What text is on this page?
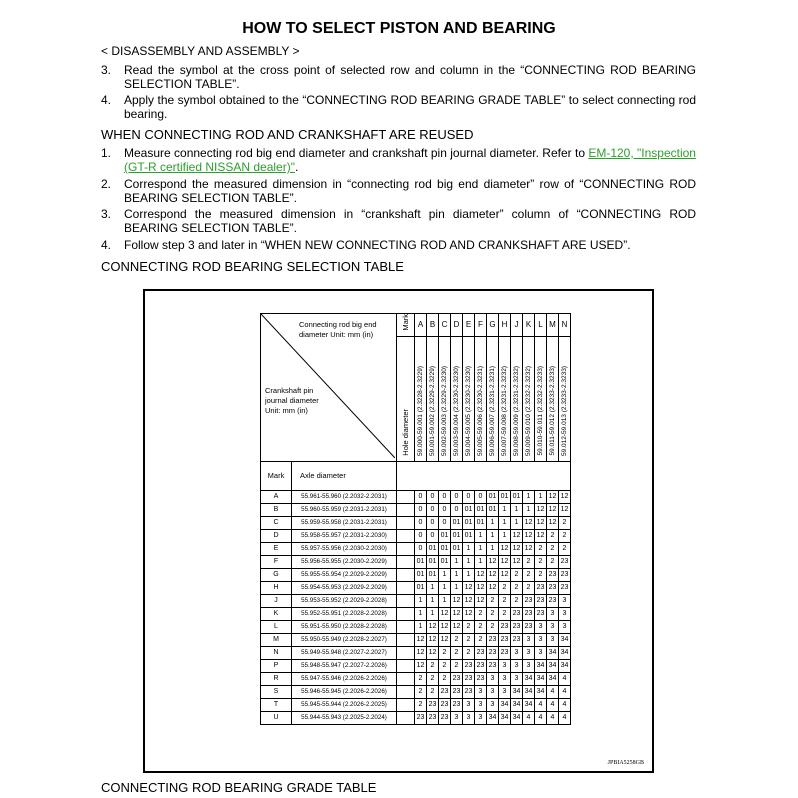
HOW TO SELECT PISTON AND BEARING
< DISASSEMBLY AND ASSEMBLY >
3. Read the symbol at the cross point of selected row and column in the “CONNECTING ROD BEARING SELECTION TABLE”.
4. Apply the symbol obtained to the “CONNECTING ROD BEARING GRADE TABLE” to select connecting rod bearing.
WHEN CONNECTING ROD AND CRANKSHAFT ARE REUSED
1. Measure connecting rod big end diameter and crankshaft pin journal diameter. Refer to EM-120, "Inspection (GT-R certified NISSAN dealer)".
2. Correspond the measured dimension in “connecting rod big end diameter” row of “CONNECTING ROD BEARING SELECTION TABLE”.
3. Correspond the measured dimension in “crankshaft pin diameter” column of “CONNECTING ROD BEARING SELECTION TABLE”.
4. Follow step 3 and later in “WHEN NEW CONNECTING ROD AND CRANKSHAFT ARE USED”.
CONNECTING ROD BEARING SELECTION TABLE
Connecting rod big end diameter Unit: mm (in)
Crankshaft pin journal diameter Unit: mm (in)		Mark	A	B	C	D	E	F	G	H	J	K	L	M	N
		Hole diameter	59.000-59.001 (2.3228-2.3229)	59.001-59.002 (2.3229-2.3229)	59.002-59.003 (2.3229-2.3230)	59.003-59.004 (2.3230-2.3230)	59.004-59.005 (2.3230-2.3230)	59.005-59.006 (2.3230-2.3231)	59.006-59.007 (2.3231-2.3231)	59.007-59.008 (2.3231-2.3232)	59.008-59.009 (2.3231-2.3232)	59.009-59.010 (2.3232-2.3232)	59.010-59.011 (2.3232-2.3233)	59.011-59.012 (2.3233-2.3233)	59.012-59.013 (2.3233-2.3233)
Mark	Axle diameter														
A	55.961-55.960 (2.2032-2.2031)		0	0	0	0	0	0	01	01	01	1	1	12	12
B	55.960-55.959 (2.2031-2.2031)		0	0	0	0	01	01	01	1	1	1	12	12	12
C	55.959-55.958 (2.2031-2.2031)		0	0	0	01	01	01	1	1	1	12	12	12	2
D	55.958-55.957 (2.2031-2.2030)		0	0	01	01	01	1	1	1	12	12	12	2	2
E	55.957-55.956 (2.2030-2.2030)		0	01	01	01	1	1	1	12	12	12	2	2	2
F	55.956-55.955 (2.2030-2.2029)		01	01	01	1	1	1	12	12	12	2	2	2	23
G	55.955-55.954 (2.2029-2.2029)		01	01	1	1	1	12	12	12	2	2	2	23	23
H	55.954-55.953 (2.2029-2.2029)		01	1	1	1	12	12	12	2	2	2	23	23	23
J	55.953-55.952 (2.2029-2.2028)		1	1	1	12	12	12	2	2	2	23	23	23	3
K	55.952-55.951 (2.2028-2.2028)		1	1	12	12	12	2	2	2	23	23	23	3	3
L	55.951-55.950 (2.2028-2.2028)		1	12	12	12	2	2	2	23	23	23	3	3	3
M	55.950-55.949 (2.2028-2.2027)		12	12	12	2	2	2	23	23	23	3	3	3	34
N	55.949-55.948 (2.2027-2.2027)		12	12	2	2	2	23	23	23	3	3	3	34	34
P	55.948-55.947 (2.2027-2.2026)		12	2	2	2	23	23	23	3	3	3	34	34	34
R	55.947-55.946 (2.2026-2.2026)		2	2	2	23	23	23	3	3	3	34	34	34	4
S	55.946-55.945 (2.2026-2.2026)		2	2	23	23	23	3	3	3	34	34	34	4	4
T	55.945-55.944 (2.2026-2.2025)		2	23	23	23	3	3	3	34	34	34	4	4	4
U	55.944-55.943 (2.2025-2.2024)		23	23	23	3	3	3	34	34	34	4	4	4	4
JPBIA5258GB
CONNECTING ROD BEARING GRADE TABLE
